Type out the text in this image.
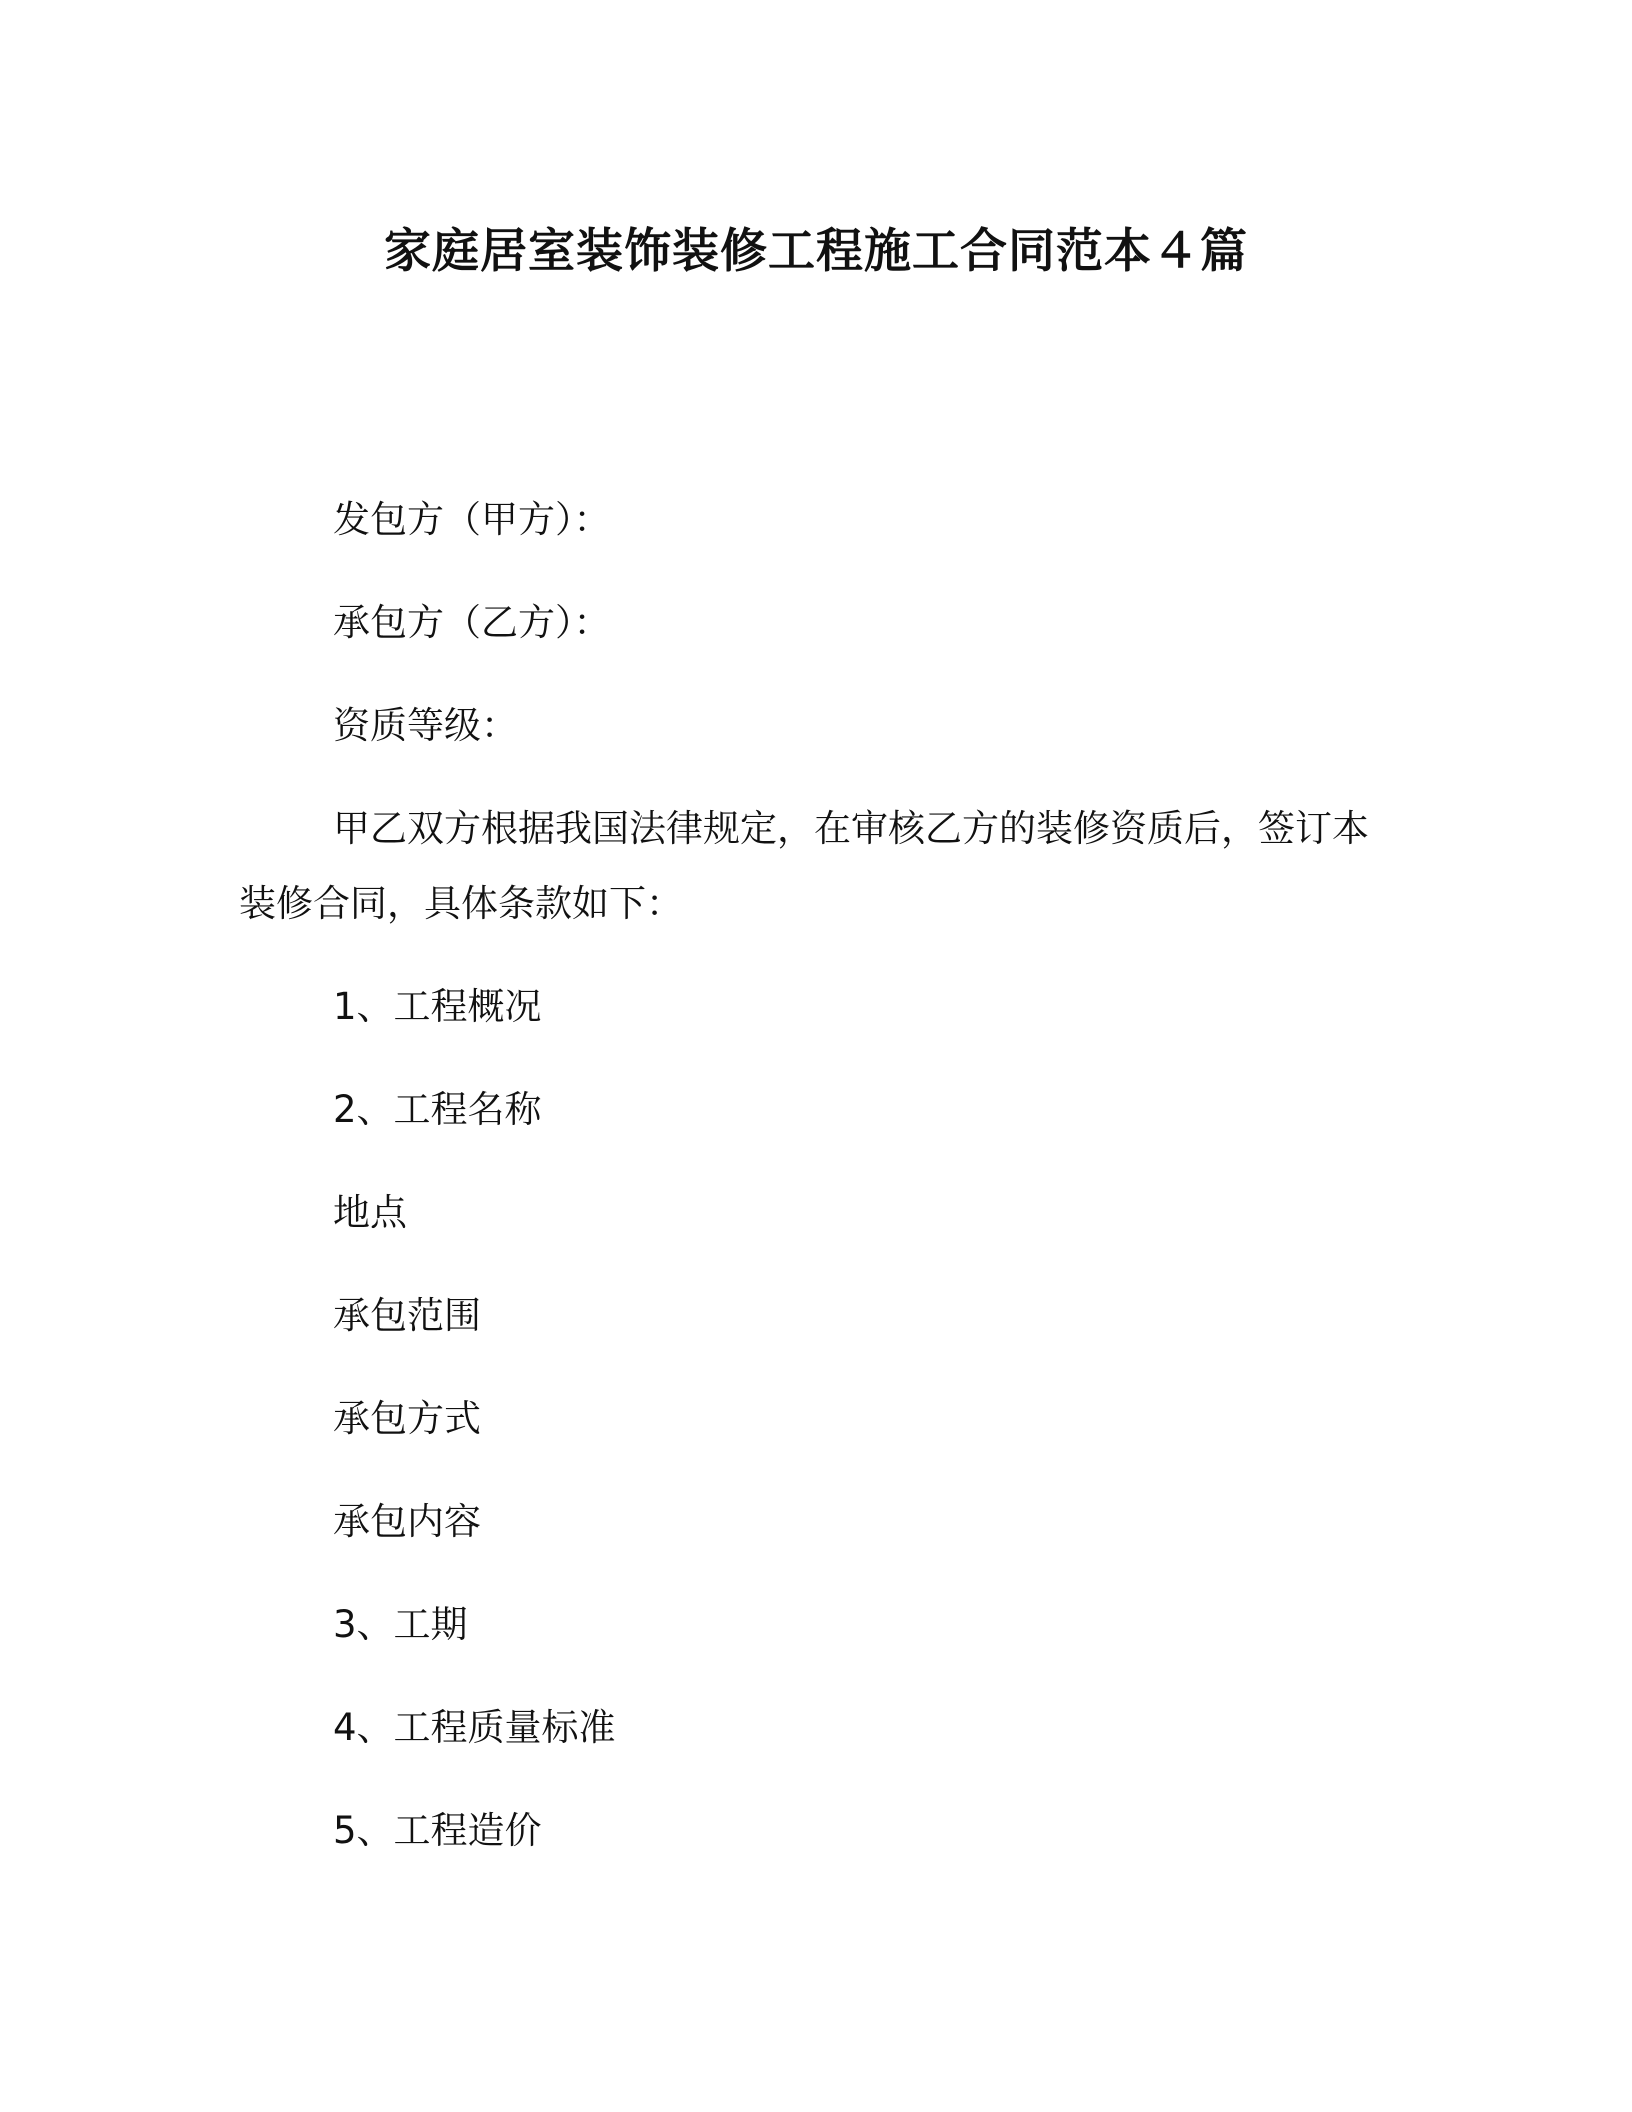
家庭居室装饰装修工程施工合同范本４篇
发包方（甲方）：
承包方（乙方）：
资质等级：
甲乙双方根据我国法律规定，在审核乙方的装修资质后，签订本
装修合同，具体条款如下：
1、工程概况
2、工程名称
地点
承包范围
承包方式
承包内容
3、工期
4、工程质量标准
5、工程造价
